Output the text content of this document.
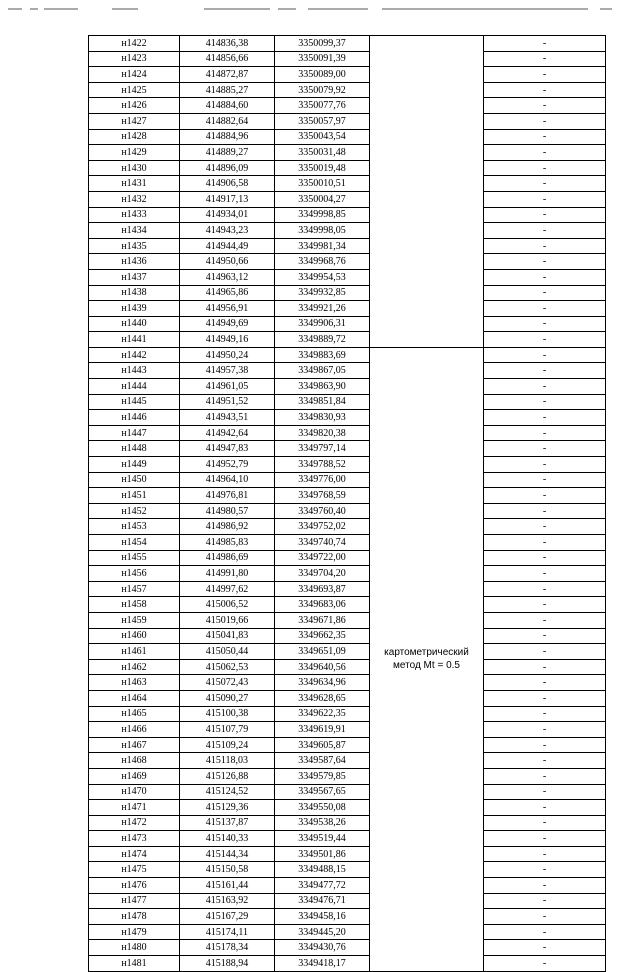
н1422	414836,38	3350099,37		-
н1423	414856,66	3350091,39		-
н1424	414872,87	3350089,00		-
н1425	414885,27	3350079,92		-
н1426	414884,60	3350077,76		-
н1427	414882,64	3350057,97		-
н1428	414884,96	3350043,54		-
н1429	414889,27	3350031,48		-
н1430	414896,09	3350019,48		-
н1431	414906,58	3350010,51		-
н1432	414917,13	3350004,27		-
н1433	414934,01	3349998,85		-
н1434	414943,23	3349998,05		-
н1435	414944,49	3349981,34		-
н1436	414950,66	3349968,76		-
н1437	414963,12	3349954,53		-
н1438	414965,86	3349932,85		-
н1439	414956,91	3349921,26		-
н1440	414949,69	3349906,31		-
н1441	414949,16	3349889,72		-
н1442	414950,24	3349883,69	картометрический
метод Mt = 0.5	-
н1443	414957,38	3349867,05		-
н1444	414961,05	3349863,90		-
н1445	414951,52	3349851,84		-
н1446	414943,51	3349830,93		-
н1447	414942,64	3349820,38		-
н1448	414947,83	3349797,14		-
н1449	414952,79	3349788,52		-
н1450	414964,10	3349776,00		-
н1451	414976,81	3349768,59		-
н1452	414980,57	3349760,40		-
н1453	414986,92	3349752,02		-
н1454	414985,83	3349740,74		-
н1455	414986,69	3349722,00		-
н1456	414991,80	3349704,20		-
н1457	414997,62	3349693,87		-
н1458	415006,52	3349683,06		-
н1459	415019,66	3349671,86		-
н1460	415041,83	3349662,35		-
н1461	415050,44	3349651,09		-
н1462	415062,53	3349640,56		-
н1463	415072,43	3349634,96		-
н1464	415090,27	3349628,65		-
н1465	415100,38	3349622,35		-
н1466	415107,79	3349619,91		-
н1467	415109,24	3349605,87		-
н1468	415118,03	3349587,64		-
н1469	415126,88	3349579,85		-
н1470	415124,52	3349567,65		-
н1471	415129,36	3349550,08		-
н1472	415137,87	3349538,26		-
н1473	415140,33	3349519,44		-
н1474	415144,34	3349501,86		-
н1475	415150,58	3349488,15		-
н1476	415161,44	3349477,72		-
н1477	415163,92	3349476,71		-
н1478	415167,29	3349458,16		-
н1479	415174,11	3349445,20		-
н1480	415178,34	3349430,76		-
н1481	415188,94	3349418,17		-
